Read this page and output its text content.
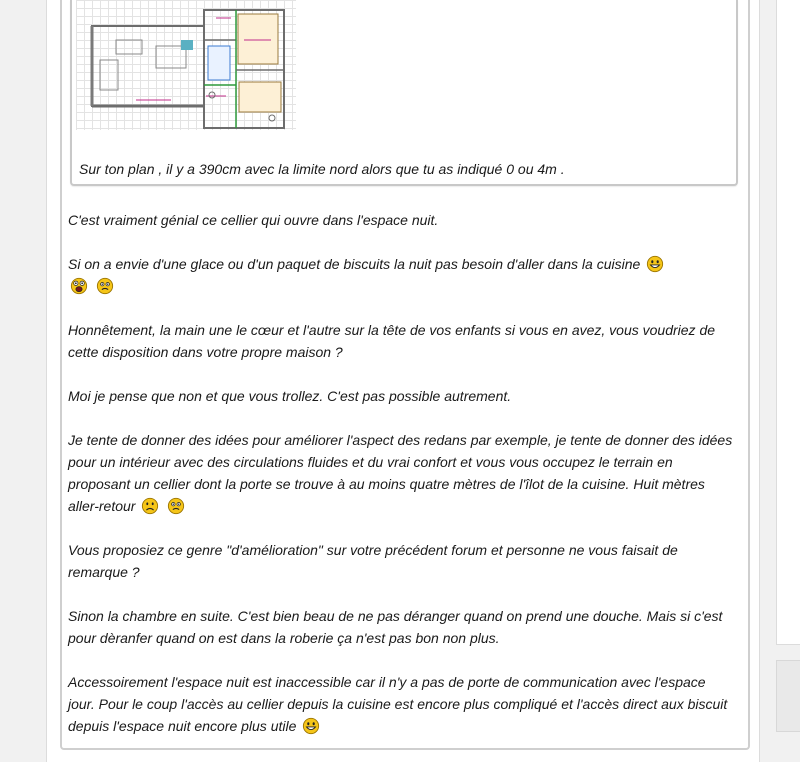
Sur ton plan , il y a 390cm avec la limite nord alors que tu as indiqué 0 ou 4m .

C'est vraiment génial ce cellier qui ouvre dans l'espace nuit.

Si on a envie d'une glace ou d'un paquet de biscuits la nuit pas besoin d'aller dans la cuisine

Honnêtement, la main une le cœur et l'autre sur la tête de vos enfants si vous en avez, vous voudriez de cette disposition dans votre propre maison ?

Moi je pense que non et que vous trollez. C'est pas possible autrement.

Je tente de donner des idées pour améliorer l'aspect des redans par exemple, je tente de donner des idées pour un intérieur avec des circulations fluides et du vrai confort et vous vous occupez le terrain en proposant un cellier dont la porte se trouve à au moins quatre mètres de l'îlot de la cuisine. Huit mètres aller-retour

Vous proposiez ce genre "d'amélioration" sur votre précédent forum et personne ne vous faisait de remarque ?

Sinon la chambre en suite. C'est bien beau de ne pas déranger quand on prend une douche. Mais si c'est pour dèranfer quand on est dans la roberie ça n'est pas bon non plus.

Accessoirement l'espace nuit est inaccessible car il n'y a pas de porte de communication avec l'espace jour. Pour le coup l'accès au cellier depuis la cuisine est encore plus compliqué et l'accès direct aux biscuit depuis l'espace nuit encore plus utile
